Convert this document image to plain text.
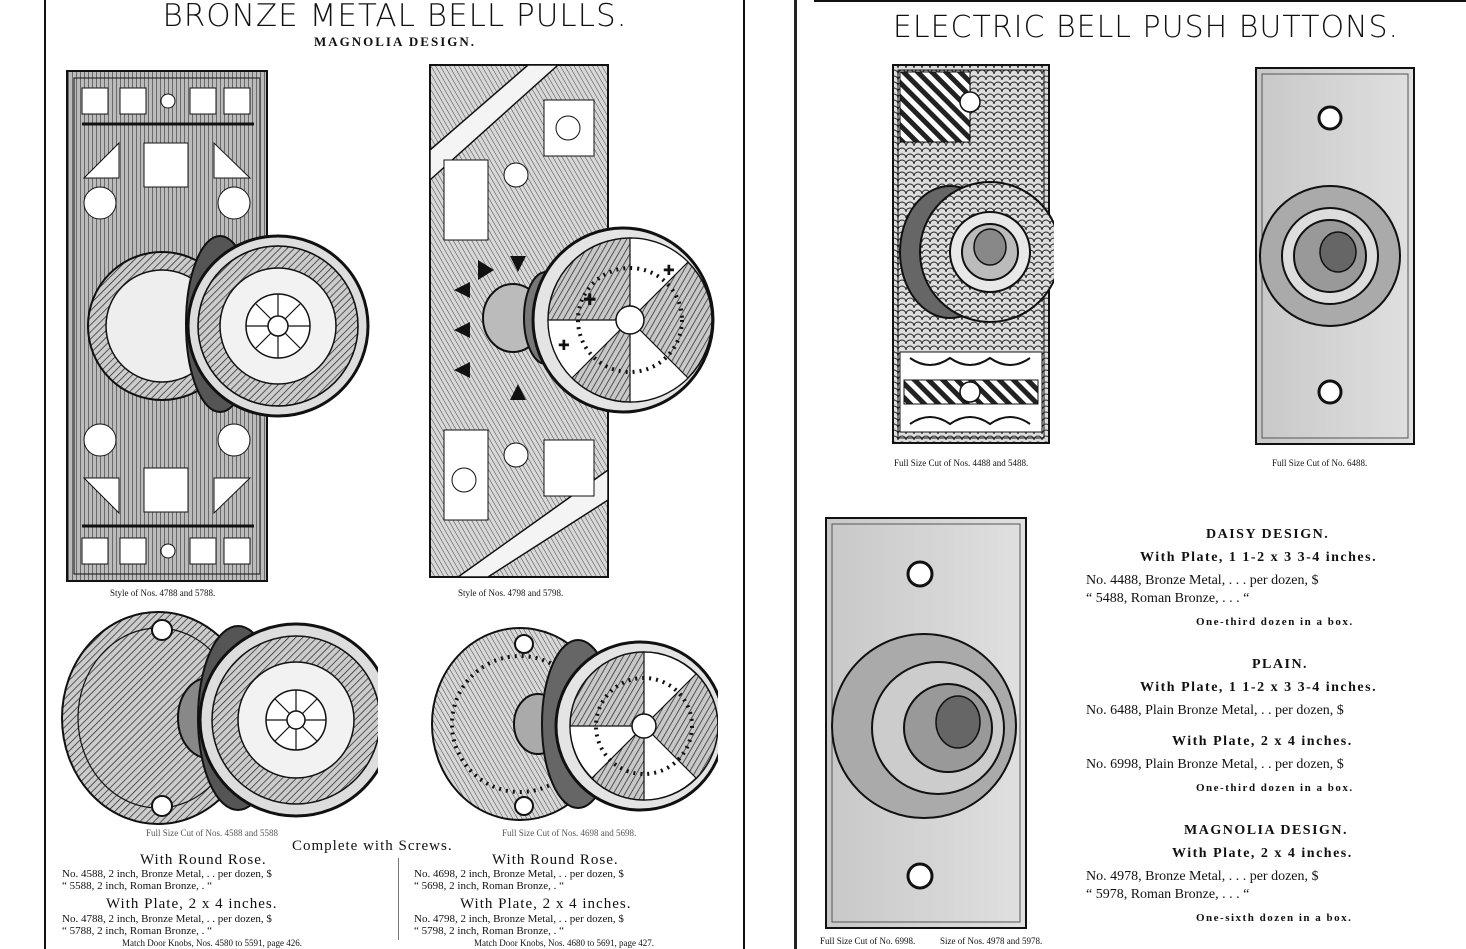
BRONZE METAL BELL PULLS.
MAGNOLIA DESIGN.
Style of Nos. 4788 and 5788.
✚
✚
✚
Style of Nos. 4798 and 5798.
Full Size Cut of Nos. 4588 and 5588	Full Size Cut of Nos. 4698 and 5698.
Complete with Screws.
With Round Rose.
No. 4588, 2 inch, Bronze Metal, . . per dozen, $
“ 5588, 2 inch, Roman Bronze, . “
With Plate, 2 x 4 inches.
No. 4788, 2 inch, Bronze Metal, . . per dozen, $
“ 5788, 2 inch, Roman Bronze, . “
Match Door Knobs, Nos. 4580 to 5591, page 426.
With Round Rose.
No. 4698, 2 inch, Bronze Metal, . . per dozen, $
“ 5698, 2 inch, Roman Bronze, . “
With Plate, 2 x 4 inches.
No. 4798, 2 inch, Bronze Metal, . . per dozen, $
“ 5798, 2 inch, Roman Bronze, . “
Match Door Knobs, Nos. 4680 to 5691, page 427.
ELECTRIC BELL PUSH BUTTONS.
Full Size Cut of Nos. 4488 and 5488.	Full Size Cut of No. 6488.
Full Size Cut of No. 6998.	Size of Nos. 4978 and 5978.
DAISY DESIGN.
With Plate, 1 1-2 x 3 3-4 inches.
No. 4488, Bronze Metal, . . . per dozen, $
“ 5488, Roman Bronze, . . . “
One-third dozen in a box.
PLAIN.
With Plate, 1 1-2 x 3 3-4 inches.
No. 6488, Plain Bronze Metal, . . per dozen, $
With Plate, 2 x 4 inches.
No. 6998, Plain Bronze Metal, . . per dozen, $
One-third dozen in a box.
MAGNOLIA DESIGN.
With Plate, 2 x 4 inches.
No. 4978, Bronze Metal, . . . per dozen, $
“ 5978, Roman Bronze, . . . “
One-sixth dozen in a box.
